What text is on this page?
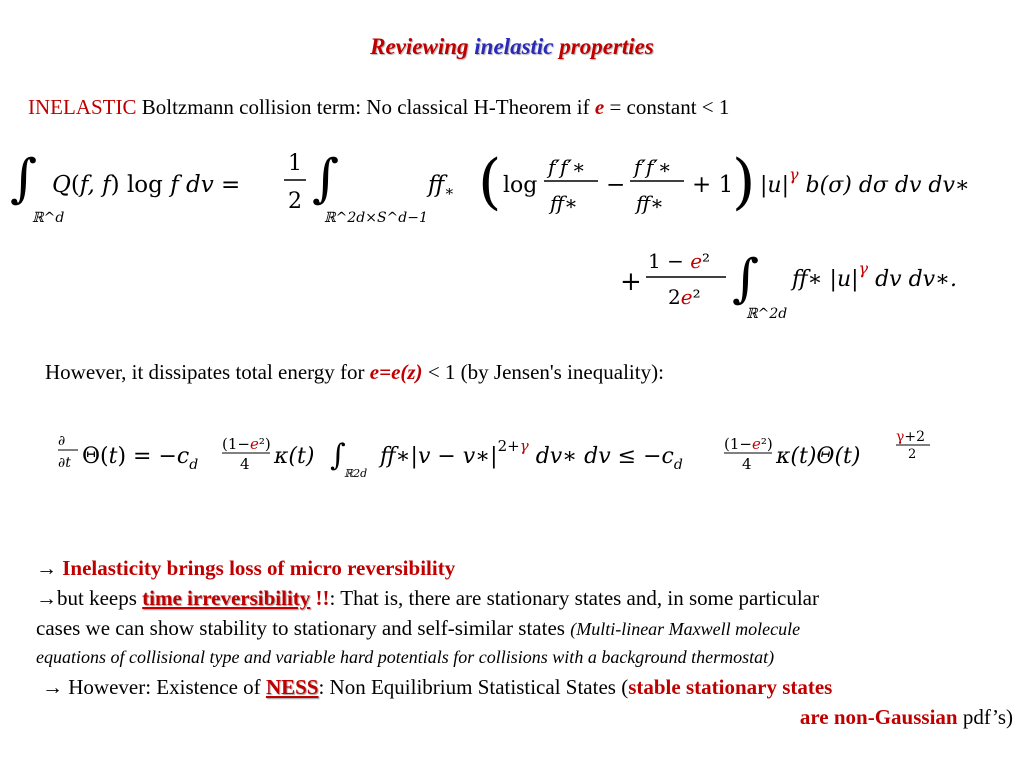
Reviewing inelastic properties
INELASTIC Boltzmann collision term: No classical H-Theorem if e = constant < 1
∫
ℝ^d
Q(f, f) log f dv =
1
2 ∫
ℝ^2d×S^d−1
ff∗ ( log
f′f′∗
ff∗
−
f′f′∗
ff∗
+ 1
) $|u|^\gamma$ b(σ) dσ dv dv∗
+
1 − e²
2e² ∫
ℝ^2d
ff∗ $|u|^\gamma$ dv dv∗.
However, it dissipates total energy for e=e(z) < 1 (by Jensen's inequality):
∂
∂t $\Theta(t) = -c_d$
(1−e²)
4 κ(t) ∫
ℝ2d
ff∗|v − $v∗|^{2+}\gamma$ dv∗ dv ≤ $-c_d$
(1−e²)
4 κ(t)Θ(t)
γ+2
2
→ Inelasticity brings loss of micro reversibility
→but keeps time irreversibility !!: That is, there are stationary states and, in some particular
cases we can show stability to stationary and self-similar states (Multi-linear Maxwell molecule
equations of collisional type and variable hard potentials for collisions with a background thermostat)
→ However: Existence of NESS: Non Equilibrium Statistical States (stable stationary states
are non-Gaussian pdf’s)
